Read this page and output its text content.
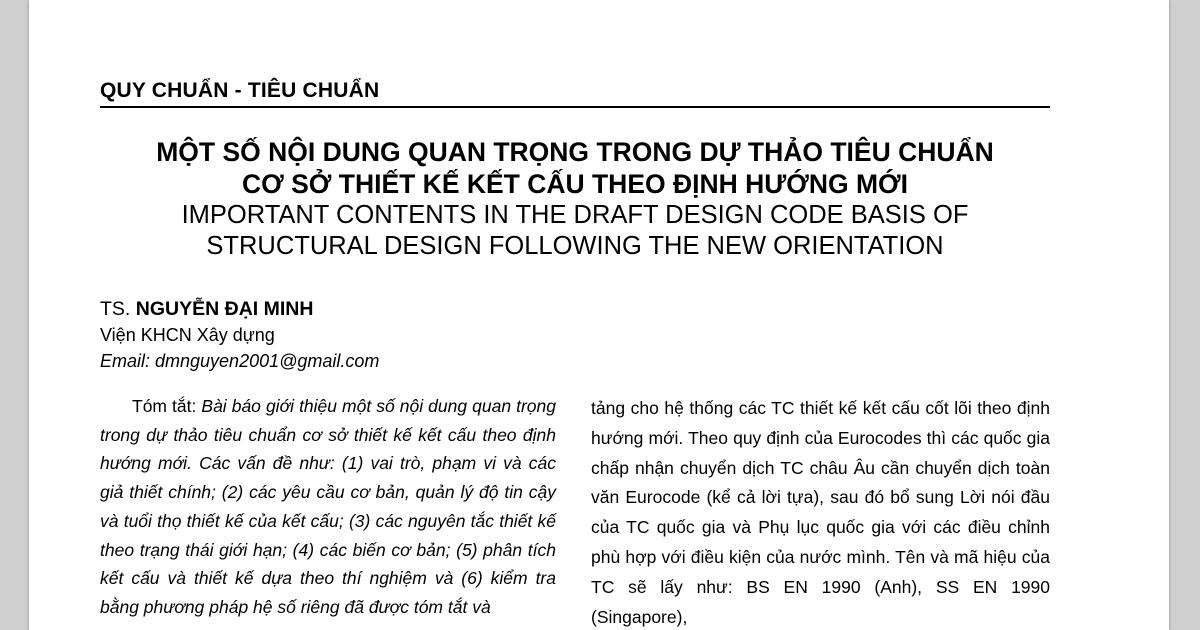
QUY CHUẨN - TIÊU CHUẨN

MỘT SỐ NỘI DUNG QUAN TRỌNG TRONG DỰ THẢO TIÊU CHUẨN

CƠ SỞ THIẾT KẾ KẾT CẤU THEO ĐỊNH HƯỚNG MỚI

IMPORTANT CONTENTS IN THE DRAFT DESIGN CODE BASIS OF

STRUCTURAL DESIGN FOLLOWING THE NEW ORIENTATION

TS. NGUYỄN ĐẠI MINH
Viện KHCN Xây dựng
Email: dmnguyen2001@gmail.com

Tóm tắt: Bài báo giới thiệu một số nội dung quan trọng trong dự thảo tiêu chuẩn cơ sở thiết kế kết cấu theo định hướng mới. Các vấn đề như: (1) vai trò, phạm vi và các giả thiết chính; (2) các yêu cầu cơ bản, quản lý độ tin cậy và tuổi thọ thiết kế của kết cấu; (3) các nguyên tắc thiết kế theo trạng thái giới hạn; (4) các biến cơ bản; (5) phân tích kết cấu và thiết kế dựa theo thí nghiệm và (6) kiểm tra bằng phương pháp hệ số riêng đã được tóm tắt và

tảng cho hệ thống các TC thiết kế kết cấu cốt lõi theo định hướng mới. Theo quy định của Eurocodes thì các quốc gia chấp nhận chuyển dịch TC châu Âu cần chuyển dịch toàn văn Eurocode (kể cả lời tựa), sau đó bổ sung Lời nói đầu của TC quốc gia và Phụ lục quốc gia với các điều chỉnh phù hợp với điều kiện của nước mình. Tên và mã hiệu của TC sẽ lấy như: BS EN 1990 (Anh), SS EN 1990 (Singapore),
